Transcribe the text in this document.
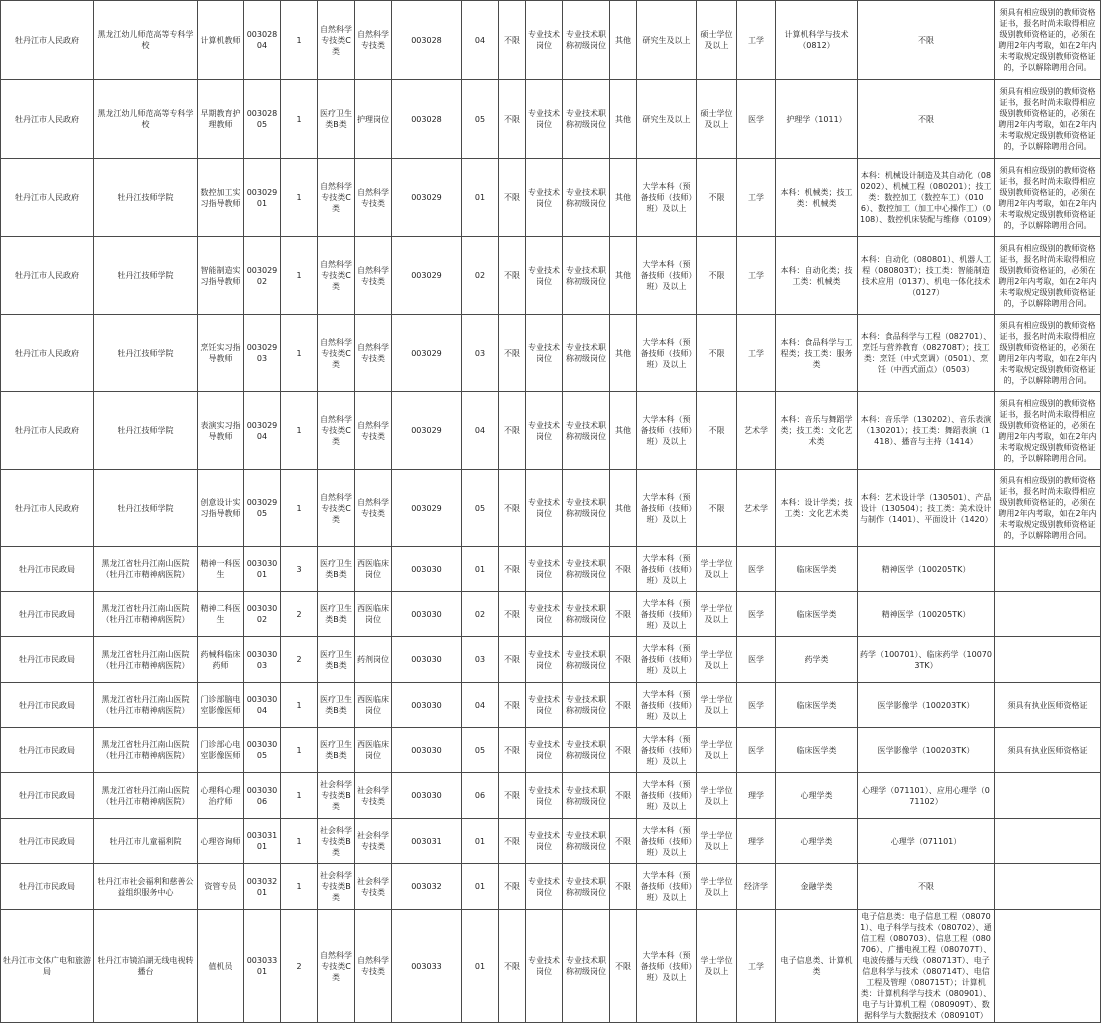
牡丹江市人民政府	黑龙江幼儿师范高等专科学校	计算机教师	00302804	1	自然科学专技类C类	自然科学专技类	003028	04	不限	专业技术岗位	专业技术职称初级岗位	其他	研究生及以上	硕士学位及以上	工学	计算机科学与技术（0812）	不限	须具有相应级别的教师资格证书，报名时尚未取得相应级别教师资格证的，必须在聘用2年内考取，如在2年内未考取规定级别教师资格证的，予以解除聘用合同。
牡丹江市人民政府	黑龙江幼儿师范高等专科学校	早期教育护理教师	00302805	1	医疗卫生类B类	护理岗位	003028	05	不限	专业技术岗位	专业技术职称初级岗位	其他	研究生及以上	硕士学位及以上	医学	护理学（1011）	不限	须具有相应级别的教师资格证书，报名时尚未取得相应级别教师资格证的，必须在聘用2年内考取，如在2年内未考取规定级别教师资格证的，予以解除聘用合同。
牡丹江市人民政府	牡丹江技师学院	数控加工实习指导教师	00302901	1	自然科学专技类C类	自然科学专技类	003029	01	不限	专业技术岗位	专业技术职称初级岗位	其他	大学本科（预备技师（技师）班）及以上	不限	工学	本科：机械类；技工类：机械类	本科：机械设计制造及其自动化（080202）、机械工程（080201）；技工类：数控加工（数控车工）（0106）、数控加工（加工中心操作工）（0108）、数控机床装配与维修（0109）	须具有相应级别的教师资格证书，报名时尚未取得相应级别教师资格证的，必须在聘用2年内考取，如在2年内未考取规定级别教师资格证的，予以解除聘用合同。
牡丹江市人民政府	牡丹江技师学院	智能制造实习指导教师	00302902	1	自然科学专技类C类	自然科学专技类	003029	02	不限	专业技术岗位	专业技术职称初级岗位	其他	大学本科（预备技师（技师）班）及以上	不限	工学	本科：自动化类；技工类：机械类	本科：自动化（080801）、机器人工程（080803T）；技工类：智能制造技术应用（0137）、机电一体化技术（0127）	须具有相应级别的教师资格证书，报名时尚未取得相应级别教师资格证的，必须在聘用2年内考取，如在2年内未考取规定级别教师资格证的，予以解除聘用合同。
牡丹江市人民政府	牡丹江技师学院	烹饪实习指导教师	00302903	1	自然科学专技类C类	自然科学专技类	003029	03	不限	专业技术岗位	专业技术职称初级岗位	其他	大学本科（预备技师（技师）班）及以上	不限	工学	本科：食品科学与工程类；技工类：服务类	本科：食品科学与工程（082701）、烹饪与营养教育（082708T）；技工类：烹饪（中式烹调）（0501）、烹饪（中西式面点）（0503）	须具有相应级别的教师资格证书，报名时尚未取得相应级别教师资格证的，必须在聘用2年内考取，如在2年内未考取规定级别教师资格证的，予以解除聘用合同。
牡丹江市人民政府	牡丹江技师学院	表演实习指导教师	00302904	1	自然科学专技类C类	自然科学专技类	003029	04	不限	专业技术岗位	专业技术职称初级岗位	其他	大学本科（预备技师（技师）班）及以上	不限	艺术学	本科：音乐与舞蹈学类；技工类：文化艺术类	本科：音乐学（130202）、音乐表演（130201）；技工类：舞蹈表演（1418）、播音与主持（1414）	须具有相应级别的教师资格证书，报名时尚未取得相应级别教师资格证的，必须在聘用2年内考取，如在2年内未考取规定级别教师资格证的，予以解除聘用合同。
牡丹江市人民政府	牡丹江技师学院	创意设计实习指导教师	00302905	1	自然科学专技类C类	自然科学专技类	003029	05	不限	专业技术岗位	专业技术职称初级岗位	其他	大学本科（预备技师（技师）班）及以上	不限	艺术学	本科：设计学类；技工类：文化艺术类	本科：艺术设计学（130501）、产品设计（130504）；技工类：美术设计与制作（1401）、平面设计（1420）	须具有相应级别的教师资格证书，报名时尚未取得相应级别教师资格证的，必须在聘用2年内考取，如在2年内未考取规定级别教师资格证的，予以解除聘用合同。
牡丹江市民政局	黑龙江省牡丹江南山医院（牡丹江市精神病医院）	精神一科医生	00303001	3	医疗卫生类B类	西医临床岗位	003030	01	不限	专业技术岗位	专业技术职称初级岗位	不限	大学本科（预备技师（技师）班）及以上	学士学位及以上	医学	临床医学类	精神医学（100205TK）	
牡丹江市民政局	黑龙江省牡丹江南山医院（牡丹江市精神病医院）	精神二科医生	00303002	2	医疗卫生类B类	西医临床岗位	003030	02	不限	专业技术岗位	专业技术职称初级岗位	不限	大学本科（预备技师（技师）班）及以上	学士学位及以上	医学	临床医学类	精神医学（100205TK）	
牡丹江市民政局	黑龙江省牡丹江南山医院（牡丹江市精神病医院）	药械科临床药师	00303003	2	医疗卫生类B类	药剂岗位	003030	03	不限	专业技术岗位	专业技术职称初级岗位	不限	大学本科（预备技师（技师）班）及以上	学士学位及以上	医学	药学类	药学（100701）、临床药学（100703TK）	
牡丹江市民政局	黑龙江省牡丹江南山医院（牡丹江市精神病医院）	门诊部脑电室影像医师	00303004	1	医疗卫生类B类	西医临床岗位	003030	04	不限	专业技术岗位	专业技术职称初级岗位	不限	大学本科（预备技师（技师）班）及以上	学士学位及以上	医学	临床医学类	医学影像学（100203TK）	须具有执业医师资格证
牡丹江市民政局	黑龙江省牡丹江南山医院（牡丹江市精神病医院）	门诊部心电室影像医师	00303005	1	医疗卫生类B类	西医临床岗位	003030	05	不限	专业技术岗位	专业技术职称初级岗位	不限	大学本科（预备技师（技师）班）及以上	学士学位及以上	医学	临床医学类	医学影像学（100203TK）	须具有执业医师资格证
牡丹江市民政局	黑龙江省牡丹江南山医院（牡丹江市精神病医院）	心理科心理治疗师	00303006	1	社会科学专技类B类	社会科学专技类	003030	06	不限	专业技术岗位	专业技术职称初级岗位	不限	大学本科（预备技师（技师）班）及以上	学士学位及以上	理学	心理学类	心理学（071101）、应用心理学（071102）	
牡丹江市民政局	牡丹江市儿童福利院	心理咨询师	00303101	1	社会科学专技类B类	社会科学专技类	003031	01	不限	专业技术岗位	专业技术职称初级岗位	不限	大学本科（预备技师（技师）班）及以上	学士学位及以上	理学	心理学类	心理学（071101）	
牡丹江市民政局	牡丹江市社会福利和慈善公益组织服务中心	资管专员	00303201	1	社会科学专技类B类	社会科学专技类	003032	01	不限	专业技术岗位	专业技术职称初级岗位	不限	大学本科（预备技师（技师）班）及以上	学士学位及以上	经济学	金融学类	不限	
牡丹江市文体广电和旅游局	牡丹江市镜泊湖无线电视转播台	值机员	00303301	2	自然科学专技类C类	自然科学专技类	003033	01	不限	专业技术岗位	专业技术职称初级岗位	不限	大学本科（预备技师（技师）班）及以上	学士学位及以上	工学	电子信息类、计算机类	电子信息类：电子信息工程（080701）、电子科学与技术（080702）、通信工程（080703）、信息工程（080706）、广播电视工程（080707T）、电波传播与天线（080713T）、电子信息科学与技术（080714T）、电信工程及管理（080715T）；计算机类：计算机科学与技术（080901）、电子与计算机工程（080909T）、数据科学与大数据技术（080910T）	
